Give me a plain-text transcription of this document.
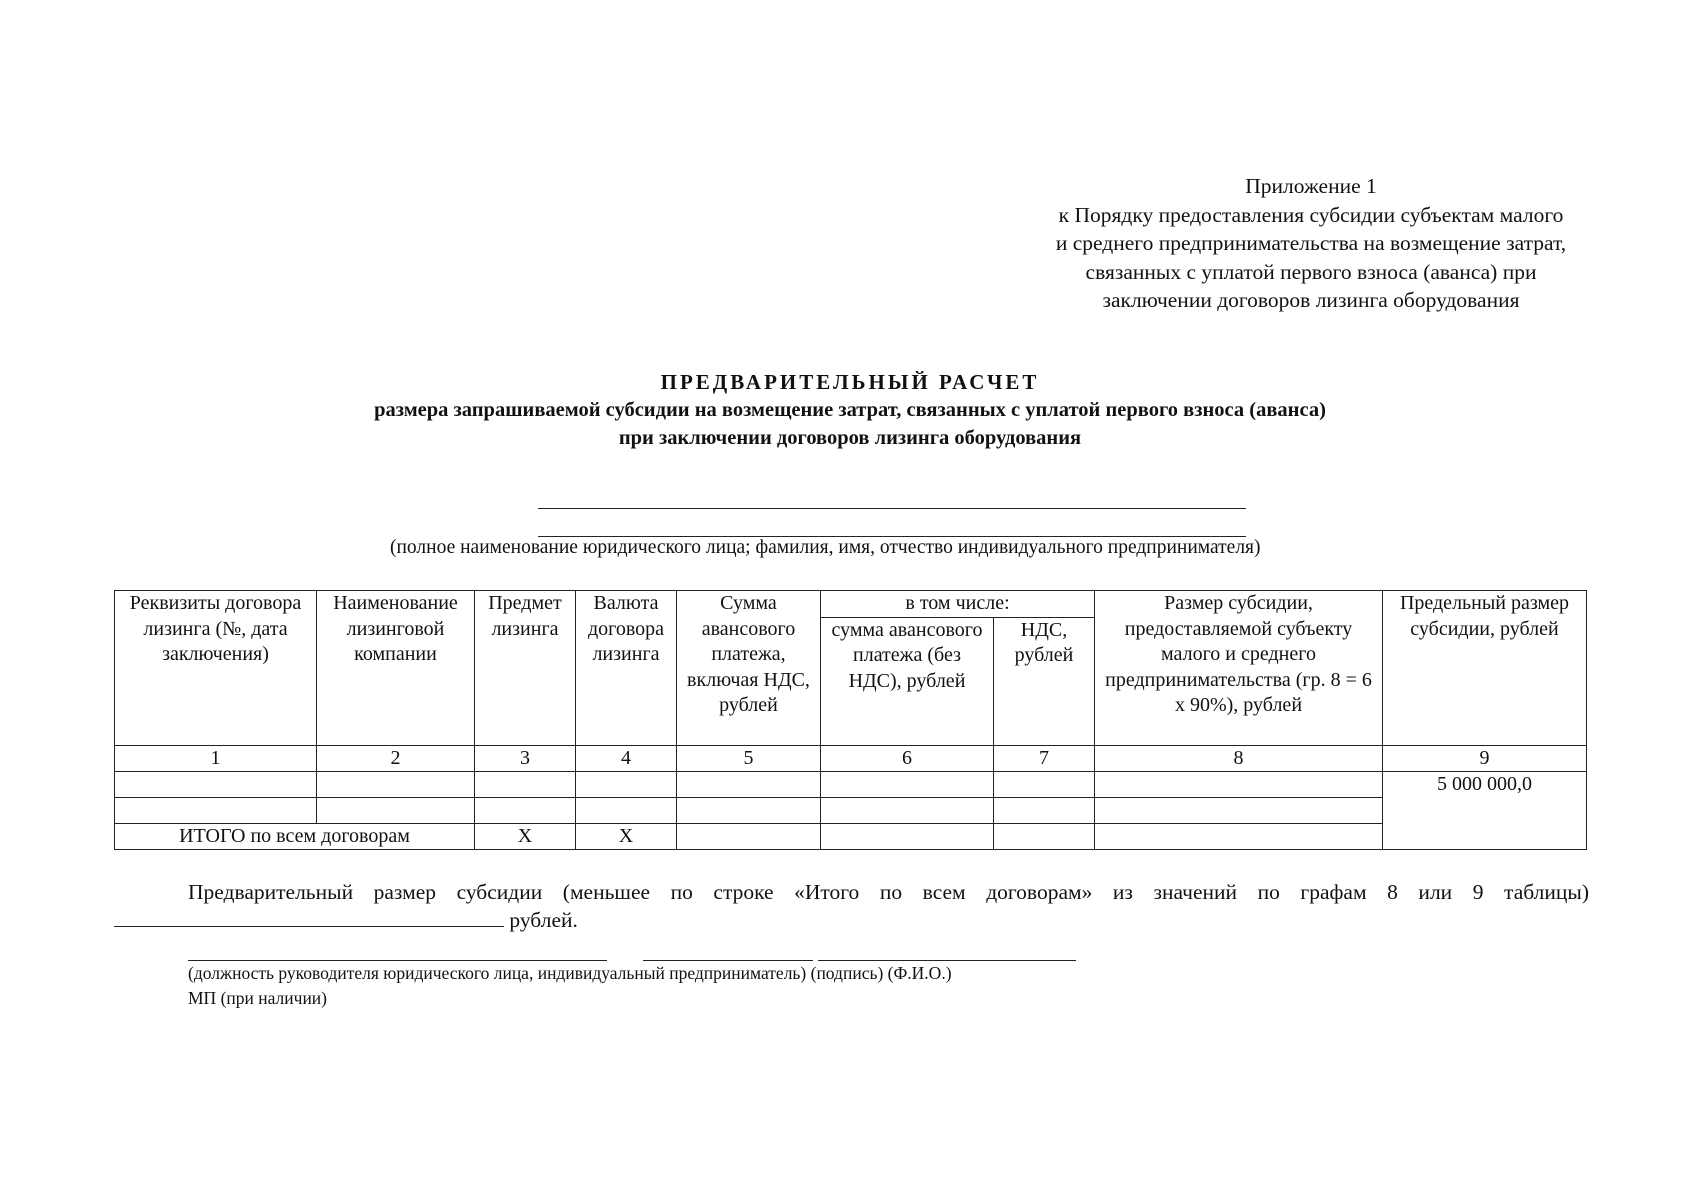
Приложение 1
к Порядку предоставления субсидии субъектам малого
и среднего предпринимательства на возмещение затрат,
связанных с уплатой первого взноса (аванса) при
заключении договоров лизинга оборудования
ПРЕДВАРИТЕЛЬНЫЙ РАСЧЕТ
размера запрашиваемой субсидии на возмещение затрат, связанных с уплатой первого взноса (аванса)
при заключении договоров лизинга оборудования
(полное наименование юридического лица; фамилия, имя, отчество индивидуального предпринимателя)
Реквизиты договора лизинга (№, дата заключения)	Наименование лизинговой компании	Предмет лизинга	Валюта договора лизинга	Сумма авансового платежа, включая НДС, рублей	в том числе:		Размер субсидии, предоставляемой субъекту малого и среднего предпринимательства (гр. 8 = 6 х 90%), рублей	Предельный размер субсидии, рублей
					сумма авансового платежа (без НДС), рублей	НДС, рублей		
1	2	3	4	5	6	7	8	9
								5 000 000,0

ИТОГО по всем договорам		Х	Х					
Предварительный размер субсидии (меньшее по строке «Итого по всем договорам» из значений по графам 8 или 9 таблицы)  рублей.
(должность руководителя юридического лица, индивидуальный предприниматель) (подпись) (Ф.И.О.)
МП (при наличии)
